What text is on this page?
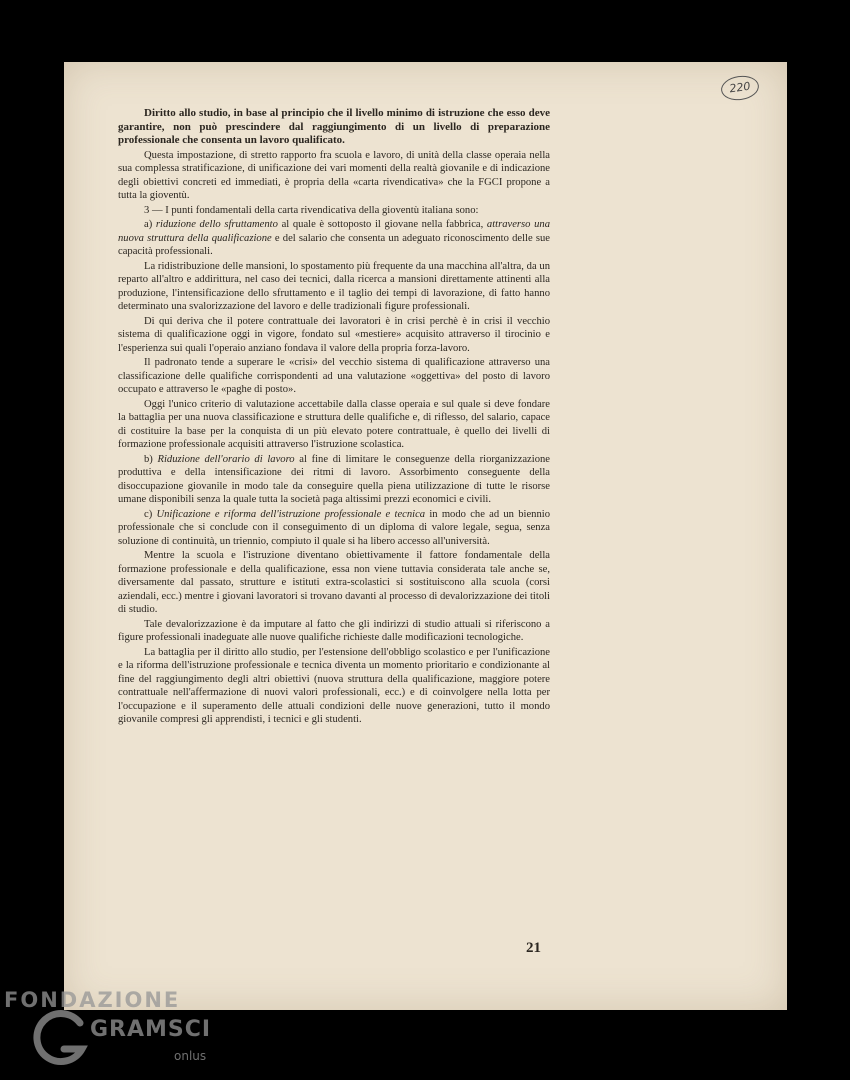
220

Diritto allo studio, in base al principio che il livello minimo di istruzione che esso deve garantire, non può prescindere dal raggiungimento di un livello di preparazione professionale che consenta un lavoro qualificato.

Questa impostazione, di stretto rapporto fra scuola e lavoro, di unità della classe operaia nella sua complessa stratificazione, di unificazione dei vari momenti della realtà giovanile e di indicazione degli obiettivi concreti ed immediati, è propria della «carta rivendicativa» che la FGCI propone a tutta la gioventù.

3 — I punti fondamentali della carta rivendicativa della gioventù italiana sono:

a) riduzione dello sfruttamento al quale è sottoposto il giovane nella fabbrica, attraverso una nuova struttura della qualificazione e del salario che consenta un adeguato riconoscimento delle sue capacità professionali.

La ridistribuzione delle mansioni, lo spostamento più frequente da una macchina all'altra, da un reparto all'altro e addirittura, nel caso dei tecnici, dalla ricerca a mansioni direttamente attinenti alla produzione, l'intensificazione dello sfruttamento e il taglio dei tempi di lavorazione, di fatto hanno determinato una svalorizzazione del lavoro e delle tradizionali figure professionali.

Di qui deriva che il potere contrattuale dei lavoratori è in crisi perchè è in crisi il vecchio sistema di qualificazione oggi in vigore, fondato sul «mestiere» acquisito attraverso il tirocinio e l'esperienza sui quali l'operaio anziano fondava il valore della propria forza-lavoro.

Il padronato tende a superare le «crisi» del vecchio sistema di qualificazione attraverso una classificazione delle qualifiche corrispondenti ad una valutazione «oggettiva» del posto di lavoro occupato e attraverso le «paghe di posto».

Oggi l'unico criterio di valutazione accettabile dalla classe operaia e sul quale si deve fondare la battaglia per una nuova classificazione e struttura delle qualifiche e, di riflesso, del salario, capace di costituire la base per la conquista di un più elevato potere contrattuale, è quello dei livelli di formazione professionale acquisiti attraverso l'istruzione scolastica.

b) Riduzione dell'orario di lavoro al fine di limitare le conseguenze della riorganizzazione produttiva e della intensificazione dei ritmi di lavoro. Assorbimento conseguente della disoccupazione giovanile in modo tale da conseguire quella piena utilizzazione di tutte le risorse umane disponibili senza la quale tutta la società paga altissimi prezzi economici e civili.

c) Unificazione e riforma dell'istruzione professionale e tecnica in modo che ad un biennio professionale che si conclude con il conseguimento di un diploma di valore legale, segua, senza soluzione di continuità, un triennio, compiuto il quale si ha libero accesso all'università.

Mentre la scuola e l'istruzione diventano obiettivamente il fattore fondamentale della formazione professionale e della qualificazione, essa non viene tuttavia considerata tale anche se, diversamente dal passato, strutture e istituti extra-scolastici si sostituiscono alla scuola (corsi aziendali, ecc.) mentre i giovani lavoratori si trovano davanti al processo di devalorizzazione dei titoli di studio.

Tale devalorizzazione è da imputare al fatto che gli indirizzi di studio attuali si riferiscono a figure professionali inadeguate alle nuove qualifiche richieste dalle modificazioni tecnologiche.

La battaglia per il diritto allo studio, per l'estensione dell'obbligo scolastico e per l'unificazione e la riforma dell'istruzione professionale e tecnica diventa un momento prioritario e condizionante al fine del raggiungimento degli altri obiettivi (nuova struttura della qualificazione, maggiore potere contrattuale nell'affermazione di nuovi valori professionali, ecc.) e di coinvolgere nella lotta per l'occupazione e il superamento delle attuali condizioni delle nuove generazioni, tutto il mondo giovanile compresi gli apprendisti, i tecnici e gli studenti.

21
FONDAZIONE
GRAMSCI
onlus
